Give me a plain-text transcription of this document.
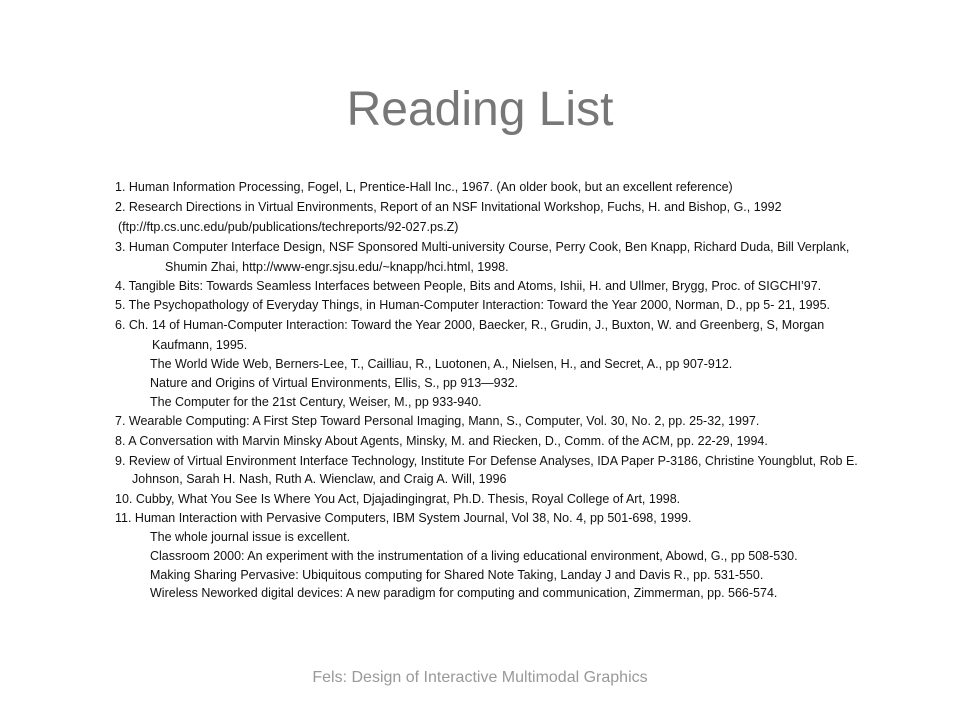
Reading List
1. Human Information Processing, Fogel, L, Prentice-Hall Inc., 1967. (An older book, but an excellent reference)
2. Research Directions in Virtual Environments, Report of an NSF Invitational Workshop, Fuchs, H. and Bishop, G., 1992
(ftp://ftp.cs.unc.edu/pub/publications/techreports/92-027.ps.Z)
3. Human Computer Interface Design, NSF Sponsored Multi-university Course, Perry Cook, Ben Knapp, Richard Duda, Bill Verplank,
Shumin Zhai, http://www-engr.sjsu.edu/~knapp/hci.html, 1998.
4. Tangible Bits: Towards Seamless Interfaces between People, Bits and Atoms, Ishii, H. and Ullmer, Brygg, Proc. of SIGCHI’97.
5. The Psychopathology of Everyday Things, in Human-Computer Interaction: Toward the Year 2000, Norman, D., pp 5- 21, 1995.
6. Ch. 14 of Human-Computer Interaction: Toward the Year 2000, Baecker, R., Grudin, J., Buxton, W. and Greenberg, S, Morgan
Kaufmann, 1995.
The World Wide Web, Berners-Lee, T., Cailliau, R., Luotonen, A., Nielsen, H., and Secret, A., pp 907-912.
Nature and Origins of Virtual Environments, Ellis, S., pp 913—932.
The Computer for the 21st Century, Weiser, M., pp 933-940.
7. Wearable Computing: A First Step Toward Personal Imaging, Mann, S., Computer, Vol. 30, No. 2, pp. 25-32, 1997.
8. A Conversation with Marvin Minsky About Agents, Minsky, M. and Riecken, D., Comm. of the ACM, pp. 22-29, 1994.
9. Review of Virtual Environment Interface Technology, Institute For Defense Analyses, IDA Paper P-3186, Christine Youngblut, Rob E.
Johnson, Sarah H. Nash, Ruth A. Wienclaw, and Craig A. Will, 1996
10. Cubby, What You See Is Where You Act, Djajadingingrat, Ph.D. Thesis, Royal College of Art, 1998.
11. Human Interaction with Pervasive Computers, IBM System Journal, Vol 38, No. 4, pp 501-698, 1999.
The whole journal issue is excellent.
Classroom 2000: An experiment with the instrumentation of a living educational environment, Abowd, G., pp 508-530.
Making Sharing Pervasive: Ubiquitous computing for Shared Note Taking, Landay J and Davis R., pp. 531-550.
Wireless Neworked digital devices: A new paradigm for computing and communication, Zimmerman, pp. 566-574.
Fels: Design of Interactive Multimodal Graphics
